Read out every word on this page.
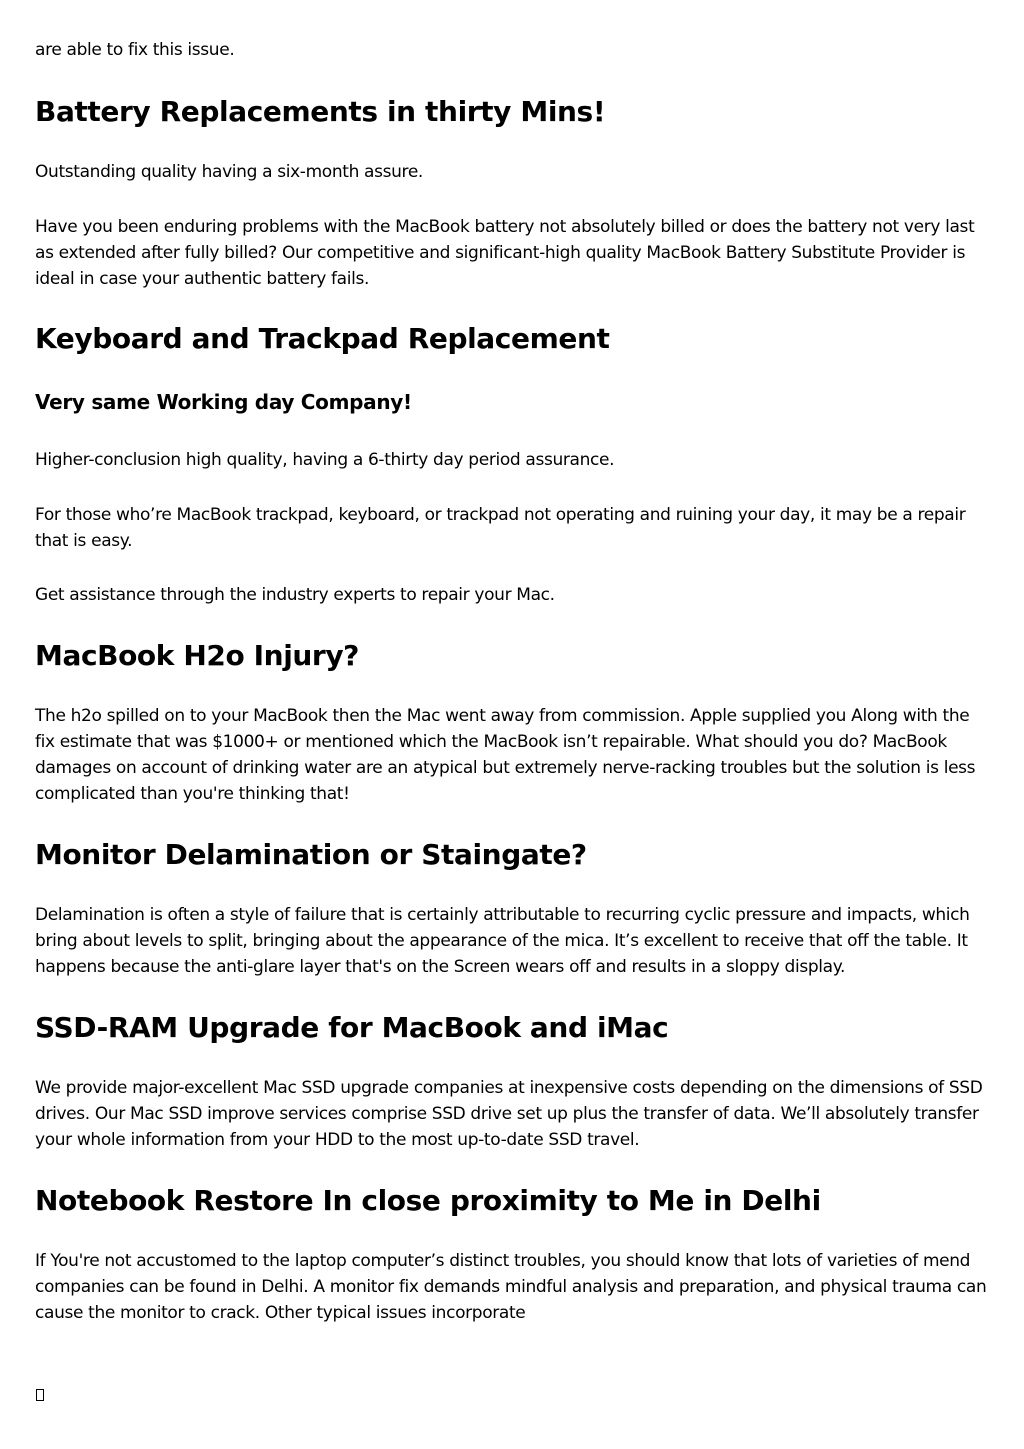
are able to fix this issue.

Battery Replacements in thirty Mins!

Outstanding quality having a six-month assure.

Have you been enduring problems with the MacBook battery not absolutely billed or does the battery not very last as extended after fully billed? Our competitive and significant-high quality MacBook Battery Substitute Provider is ideal in case your authentic battery fails.

Keyboard and Trackpad Replacement
Very same Working day Company!

Higher-conclusion high quality, having a 6-thirty day period assurance.

For those who’re MacBook trackpad, keyboard, or trackpad not operating and ruining your day, it may be a repair that is easy.

Get assistance through the industry experts to repair your Mac.

MacBook H2o Injury?

The h2o spilled on to your MacBook then the Mac went away from commission. Apple supplied you Along with the fix estimate that was $1000+ or mentioned which the MacBook isn’t repairable. What should you do? MacBook damages on account of drinking water are an atypical but extremely nerve-racking troubles but the solution is less complicated than you're thinking that!

Monitor Delamination or Staingate?

Delamination is often a style of failure that is certainly attributable to recurring cyclic pressure and impacts, which bring about levels to split, bringing about the appearance of the mica. It’s excellent to receive that off the table. It happens because the anti-glare layer that's on the Screen wears off and results in a sloppy display.

SSD-RAM Upgrade for MacBook and iMac

We provide major-excellent Mac SSD upgrade companies at inexpensive costs depending on the dimensions of SSD drives. Our Mac SSD improve services comprise SSD drive set up plus the transfer of data. We’ll absolutely transfer your whole information from your HDD to the most up-to-date SSD travel.

Notebook Restore In close proximity to Me in Delhi

If You're not accustomed to the laptop computer’s distinct troubles, you should know that lots of varieties of mend companies can be found in Delhi. A monitor fix demands mindful analysis and preparation, and physical trauma can cause the monitor to crack. Other typical issues incorporate
